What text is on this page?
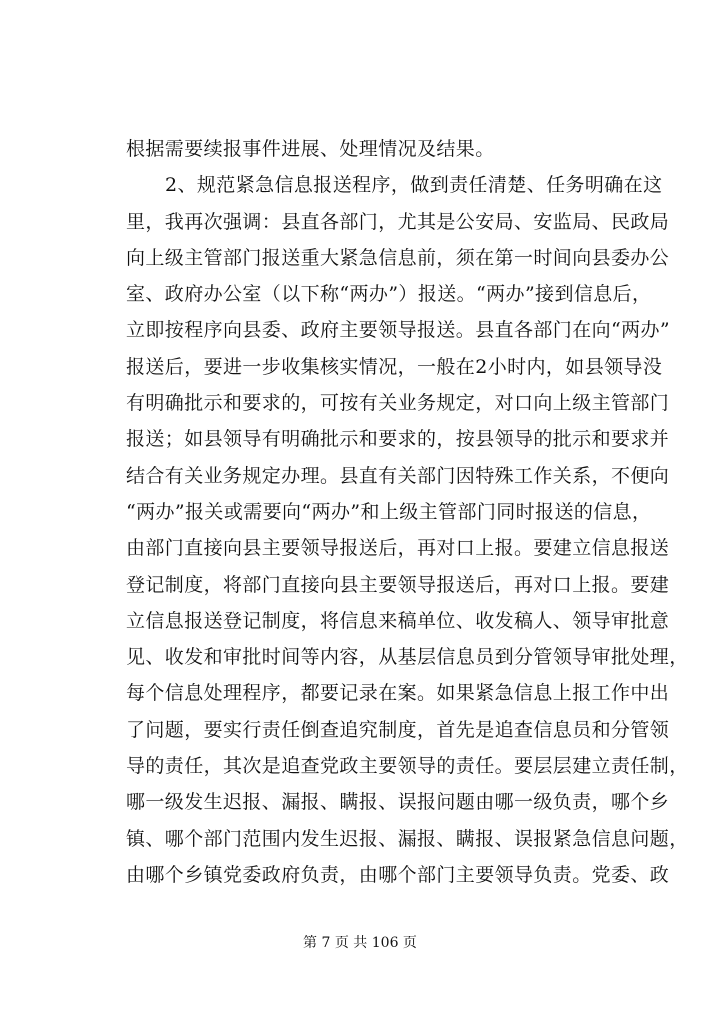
根据需要续报事件进展、处理情况及结果。
2、规范紧急信息报送程序，做到责任清楚、任务明确在这
里，我再次强调：县直各部门，尤其是公安局、安监局、民政局
向上级主管部门报送重大紧急信息前，须在第一时间向县委办公
室、政府办公室（以下称“两办”）报送。“两办”接到信息后，
立即按程序向县委、政府主要领导报送。县直各部门在向“两办”
报送后，要进一步收集核实情况，一般在2小时内，如县领导没
有明确批示和要求的，可按有关业务规定，对口向上级主管部门
报送；如县领导有明确批示和要求的，按县领导的批示和要求并
结合有关业务规定办理。县直有关部门因特殊工作关系，不便向
“两办”报关或需要向“两办”和上级主管部门同时报送的信息，
由部门直接向县主要领导报送后，再对口上报。要建立信息报送
登记制度，将部门直接向县主要领导报送后，再对口上报。要建
立信息报送登记制度，将信息来稿单位、收发稿人、领导审批意
见、收发和审批时间等内容，从基层信息员到分管领导审批处理，
每个信息处理程序，都要记录在案。如果紧急信息上报工作中出
了问题，要实行责任倒查追究制度，首先是追查信息员和分管领
导的责任，其次是追查党政主要领导的责任。要层层建立责任制，
哪一级发生迟报、漏报、瞒报、误报问题由哪一级负责，哪个乡
镇、哪个部门范围内发生迟报、漏报、瞒报、误报紧急信息问题，
由哪个乡镇党委政府负责，由哪个部门主要领导负责。党委、政
第 7 页 共 106 页
